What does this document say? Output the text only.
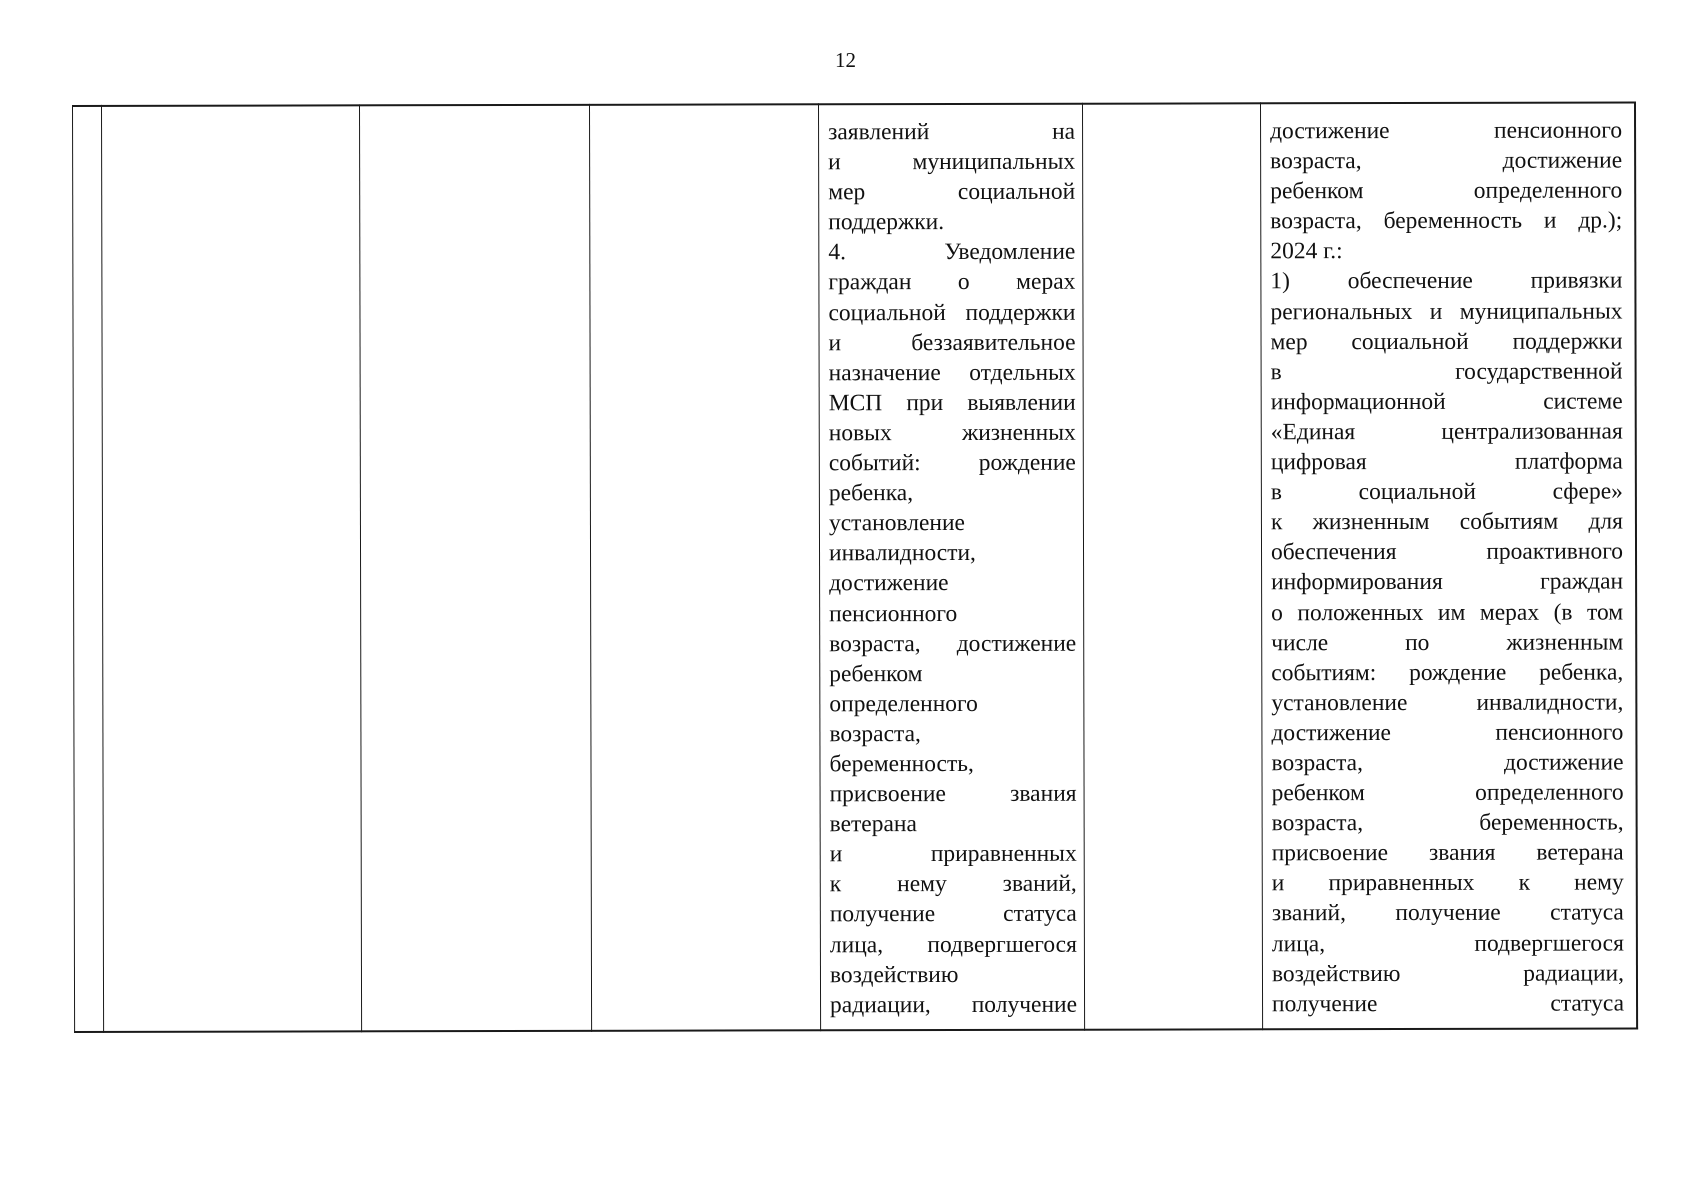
12
заявлений на
и муниципальных
мер социальной
поддержки.
4. Уведомление
граждан о мерах
социальной поддержки
и беззаявительное
назначение отдельных
МСП при выявлении
новых жизненных
событий: рождение
ребенка,
установление
инвалидности,
достижение
пенсионного
возраста, достижение
ребенком
определенного
возраста,
беременность,
присвоение звания
ветерана
и приравненных
к нему званий,
получение статуса
лица, подвергшегося
воздействию
радиации, получение
достижение пенсионного
возраста, достижение
ребенком определенного
возраста, беременность и др.);
2024 г.:
1) обеспечение привязки
региональных и муниципальных
мер социальной поддержки
в государственной
информационной системе
«Единая централизованная
цифровая платформа
в социальной сфере»
к жизненным событиям для
обеспечения проактивного
информирования граждан
о положенных им мерах (в том
числе по жизненным
событиям: рождение ребенка,
установление инвалидности,
достижение пенсионного
возраста, достижение
ребенком определенного
возраста, беременность,
присвоение звания ветерана
и приравненных к нему
званий, получение статуса
лица, подвергшегося
воздействию радиации,
получение статуса
